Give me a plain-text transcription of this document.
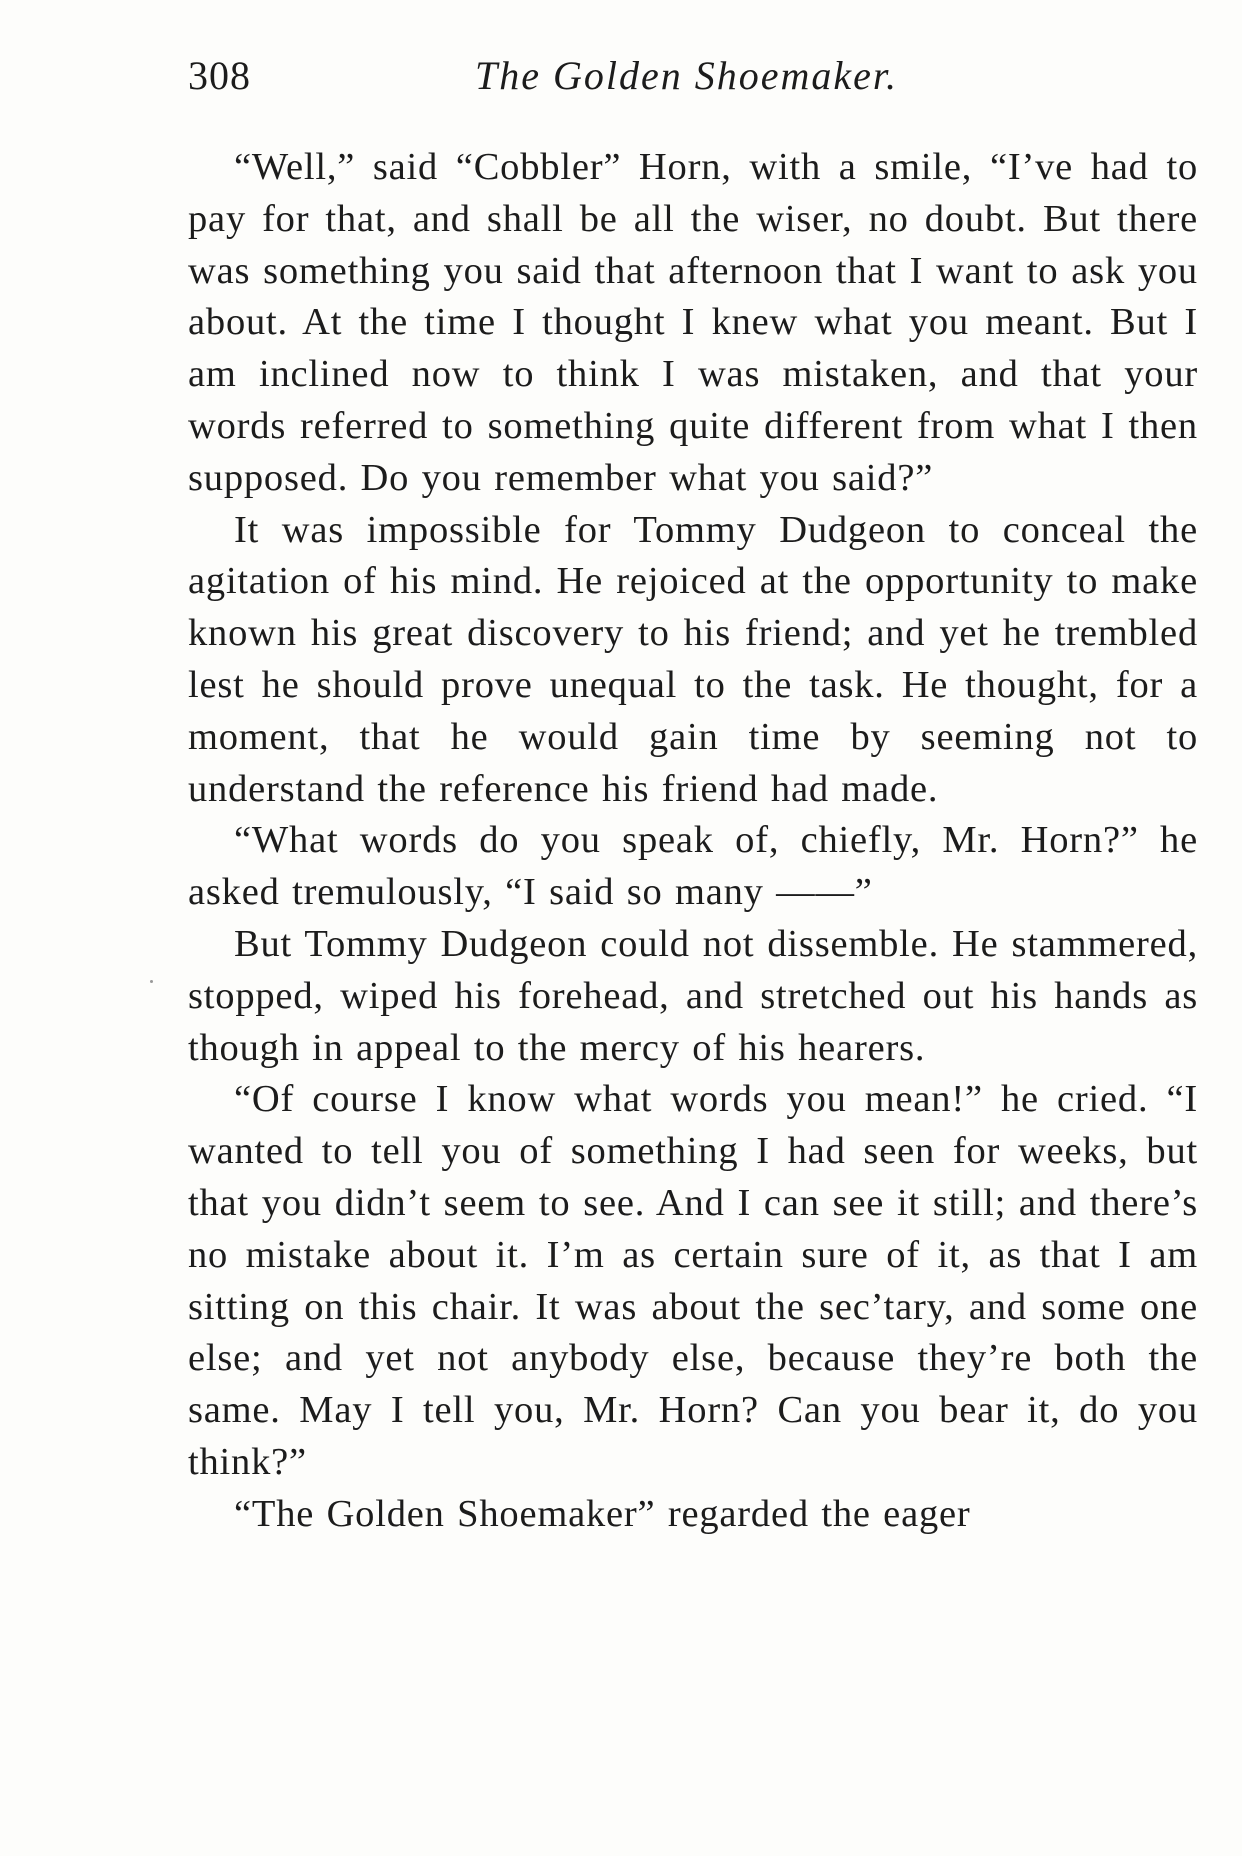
308	The Golden Shoemaker.

“Well,” said “Cobbler” Horn, with a smile, “I’ve had to pay for that, and shall be all the wiser, no doubt. But there was something you said that afternoon that I want to ask you about. At the time I thought I knew what you meant. But I am inclined now to think I was mistaken, and that your words referred to something quite different from what I then supposed. Do you remember what you said?”

It was impossible for Tommy Dudgeon to conceal the agitation of his mind. He rejoiced at the opportunity to make known his great discovery to his friend; and yet he trembled lest he should prove unequal to the task. He thought, for a moment, that he would gain time by seeming not to understand the reference his friend had made.

“What words do you speak of, chiefly, Mr. Horn?” he asked tremulously, “I said so many ——”

But Tommy Dudgeon could not dissemble. He stammered, stopped, wiped his forehead, and stretched out his hands as though in appeal to the mercy of his hearers.

“Of course I know what words you mean!” he cried. “I wanted to tell you of something I had seen for weeks, but that you didn’t seem to see. And I can see it still; and there’s no mistake about it. I’m as certain sure of it, as that I am sitting on this chair. It was about the sec’tary, and some one else; and yet not anybody else, because they’re both the same. May I tell you, Mr. Horn? Can you bear it, do you think?”

“The Golden Shoemaker” regarded the eager
